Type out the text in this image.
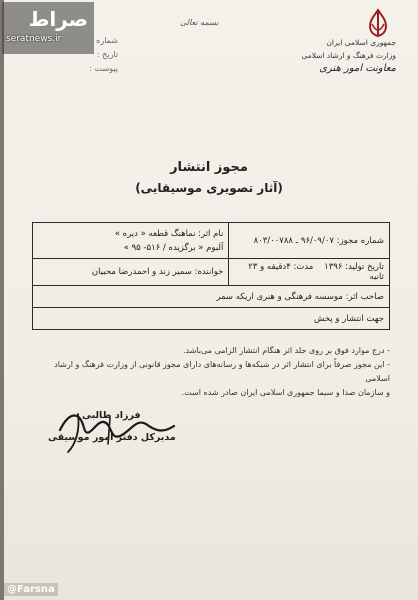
صراط
seratnews.ir	شماره :
تاریخ :
پیوست :
بسمه تعالی
جمهوری اسلامی ایران
وزارت فرهنگ و ارشاد اسلامی
معاونت امور هنری
مجوز انتشار
(آثار تصویری موسیقایی)
نام اثر: نماهنگ قطعه « دیره »
آلبوم « برگزیده / ۵۱۶- ۹۵ »	شماره مجوز: ۹۶/۰۹/۰۷ ـ ۸۰۳/۰۰۷۸۸
خواننده: سمیر زند و احمدرضا محبیان	تاریخ تولید: ۱۳۹۶    مدت: ۴دقیقه و ۲۳ ثانیه
صاحب اثر: موسسه فرهنگی و هنری اریکه سمر	
جهت انتشار و پخش	
- درج موارد فوق بر روی جلد اثر هنگام انتشار الزامی می‌باشد.
- این مجوز صرفاً برای انتشار اثر در شبکه‌ها و رسانه‌های دارای مجوز قانونی از وزارت فرهنگ و ارشاد اسلامی
و سازمان صدا و سیما جمهوری اسلامی ایران صادر شده است.
فرزاد طالبی
مدیرکل دفتر امور موسیقی
@Farsna
